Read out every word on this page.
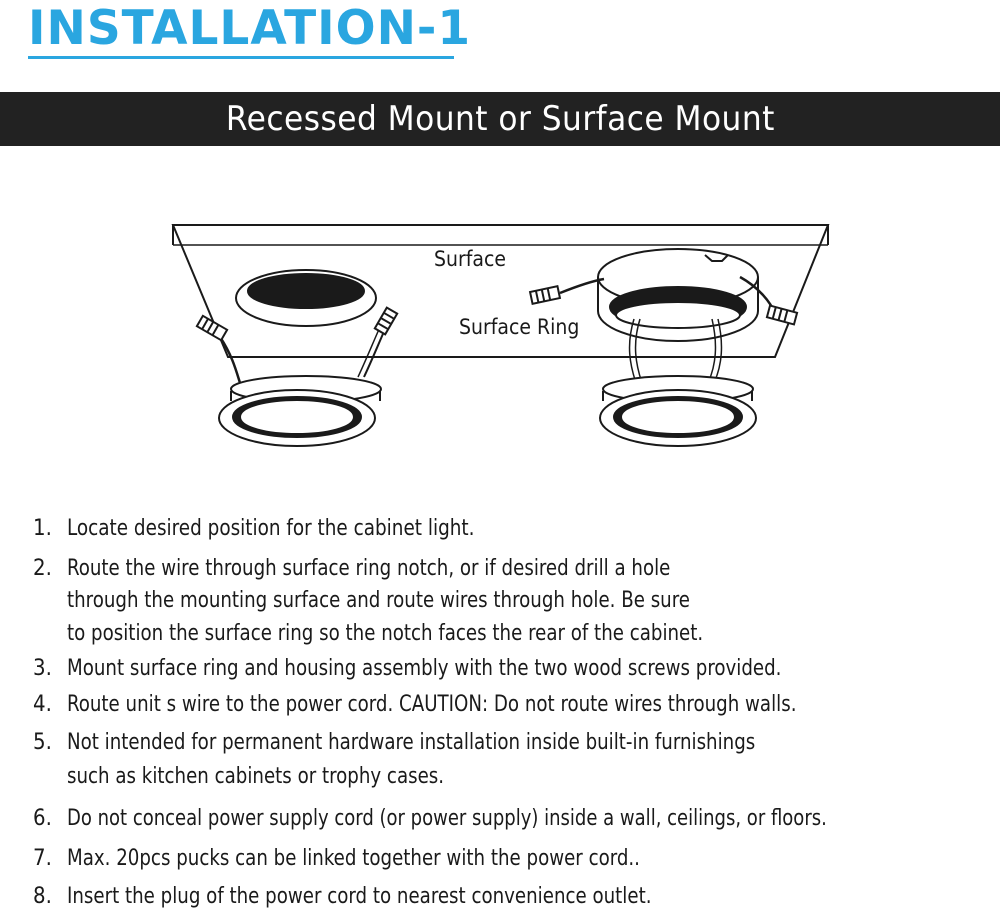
INSTALLATION-1
Recessed Mount or Surface Mount
Surface
Surface Ring
1. Locate desired position for the cabinet light.
2. Route the wire through surface ring notch, or if desired drill a hole
through the mounting surface and route wires through hole. Be sure
to position the surface ring so the notch faces the rear of the cabinet.
3. Mount surface ring and housing assembly with the two wood screws provided.
4. Route unit s wire to the power cord. CAUTION: Do not route wires through walls.
5. Not intended for permanent hardware installation inside built-in furnishings
such as kitchen cabinets or trophy cases.
6. Do not conceal power supply cord (or power supply) inside a wall, ceilings, or floors.
7. Max. 20pcs pucks can be linked together with the power cord..
8. Insert the plug of the power cord to nearest convenience outlet.
